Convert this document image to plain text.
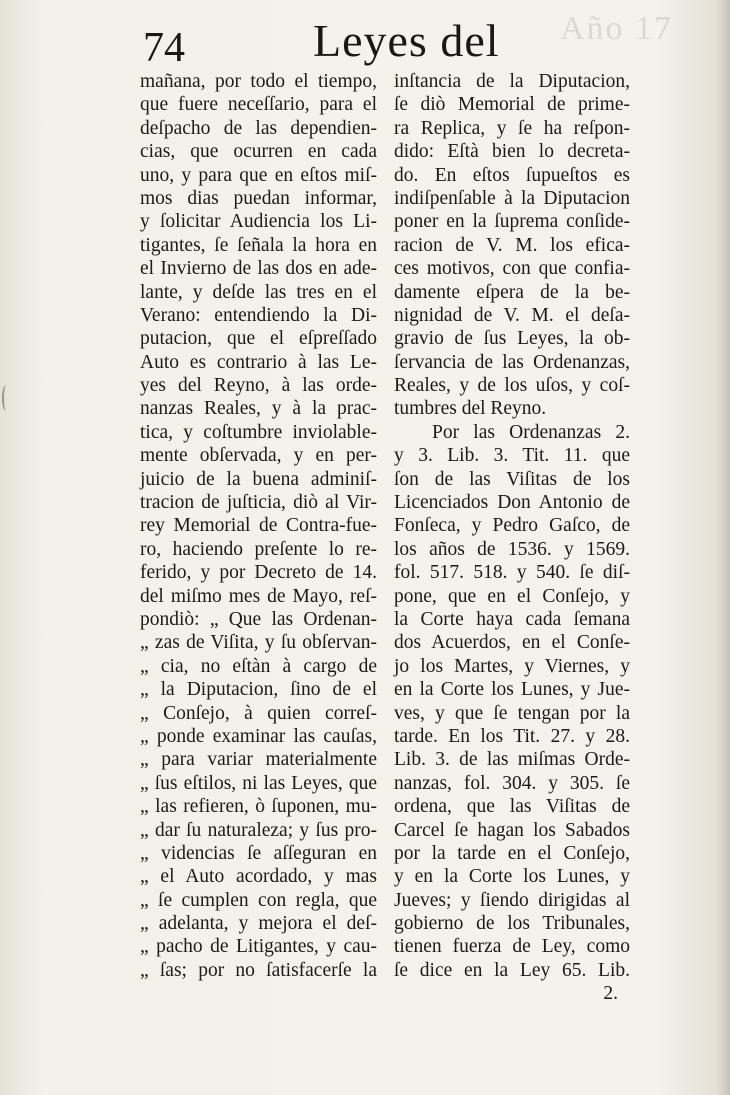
Año 17
74	Leyes del
mañana, por todo el tiempo,
que fuere neceſſario, para el
deſpacho de las dependien-
cias, que ocurren en cada
uno, y para que en eſtos miſ-
mos dias puedan informar,
y ſolicitar Audiencia los Li-
tigantes, ſe ſeñala la hora en
el Invierno de las dos en ade-
lante, y deſde las tres en el
Verano: entendiendo la Di-
putacion, que el eſpreſſado
Auto es contrario à las Le-
yes del Reyno, à las orde-
nanzas Reales, y à la prac-
tica, y coſtumbre inviolable-
mente obſervada, y en per-
juicio de la buena adminiſ-
tracion de juſticia, diò al Vir-
rey Memorial de Contra-fue-
ro, haciendo preſente lo re-
ferido, y por Decreto de 14.
del miſmo mes de Mayo, reſ-
pondiò: „ Que las Ordenan-
„ zas de Viſita, y ſu obſervan-
„ cia, no eſtàn à cargo de
„ la Diputacion, ſino de el
„ Conſejo, à quien correſ-
„ ponde examinar las cauſas,
„ para variar materialmente
„ ſus eſtilos, ni las Leyes, que
„ las refieren, ò ſuponen, mu-
„ dar ſu naturaleza; y ſus pro-
„ videncias ſe aſſeguran en
„ el Auto acordado, y mas
„ ſe cumplen con regla, que
„ adelanta, y mejora el deſ-
„ pacho de Litigantes, y cau-
„ ſas; por no ſatisfacerſe la
inſtancia de la Diputacion,
ſe diò Memorial de prime-
ra Replica, y ſe ha reſpon-
dido: Eſtà bien lo decreta-
do. En eſtos ſupueſtos es
indiſpenſable à la Diputacion
poner en la ſuprema conſide-
racion de V. M. los efica-
ces motivos, con que confia-
damente eſpera de la be-
nignidad de V. M. el deſa-
gravio de ſus Leyes, la ob-
ſervancia de las Ordenanzas,
Reales, y de los uſos, y coſ-
tumbres del Reyno.
Por las Ordenanzas 2.
y 3. Lib. 3. Tit. 11. que
ſon de las Viſitas de los
Licenciados Don Antonio de
Fonſeca, y Pedro Gaſco, de
los años de 1536. y 1569.
fol. 517. 518. y 540. ſe diſ-
pone, que en el Conſejo, y
la Corte haya cada ſemana
dos Acuerdos, en el Conſe-
jo los Martes, y Viernes, y
en la Corte los Lunes, y Jue-
ves, y que ſe tengan por la
tarde. En los Tit. 27. y 28.
Lib. 3. de las miſmas Orde-
nanzas, fol. 304. y 305. ſe
ordena, que las Viſitas de
Carcel ſe hagan los Sabados
por la tarde en el Conſejo,
y en la Corte los Lunes, y
Jueves; y ſiendo dirigidas al
gobierno de los Tribunales,
tienen fuerza de Ley, como
ſe dice en la Ley 65. Lib.
2.
